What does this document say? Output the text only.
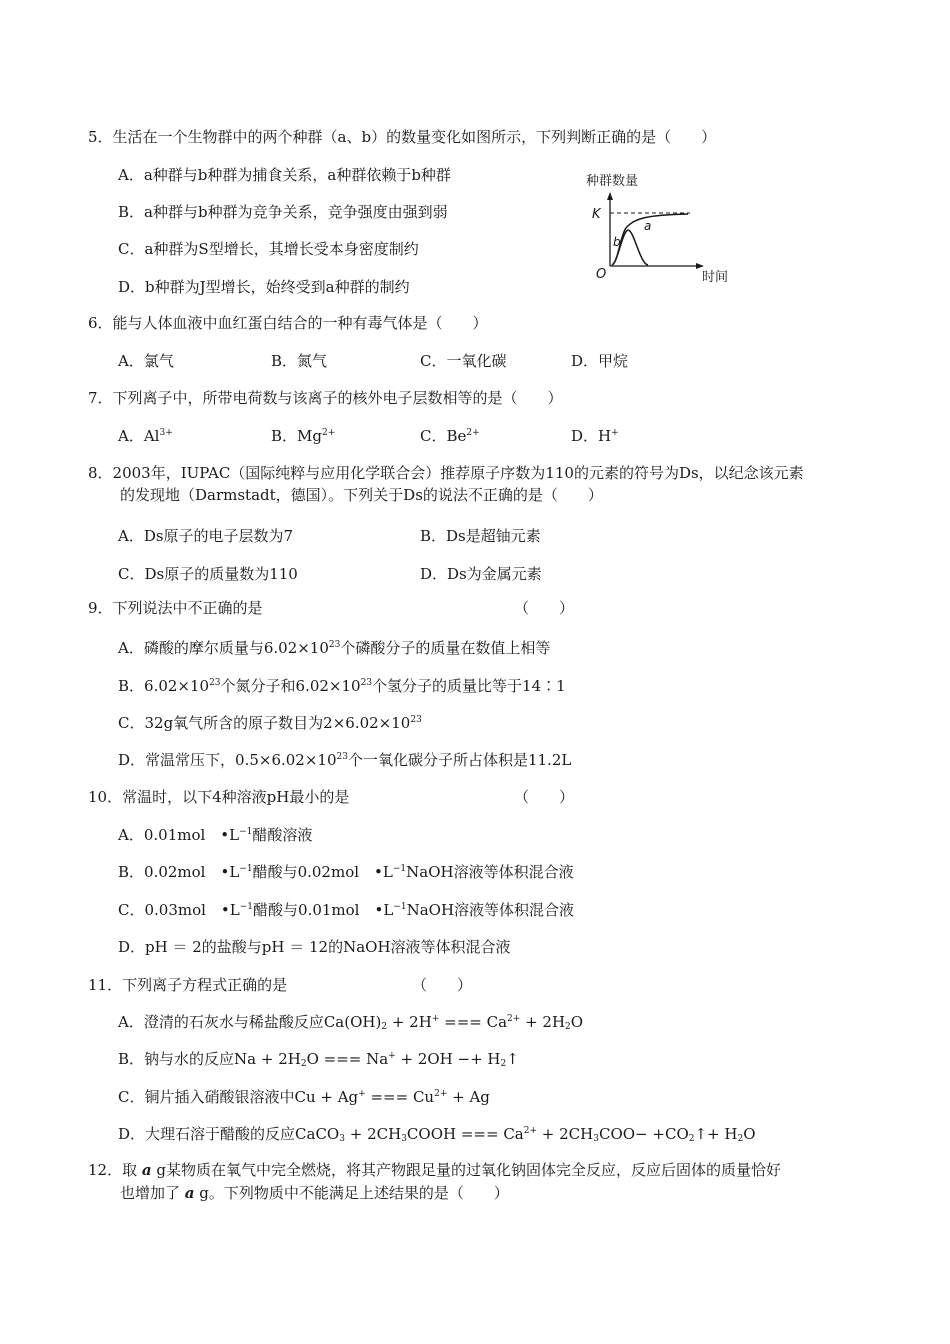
5．生活在一个生物群中的两个种群（a、b）的数量变化如图所示，下列判断正确的是（　　）
A．a种群与b种群为捕食关系，a种群依赖于b种群
B．a种群与b种群为竞争关系，竞争强度由强到弱
C．a种群为S型增长，其增长受本身密度制约
D．b种群为J型增长，始终受到a种群的制约
种群数量
K
O	时间
a
b
6．能与人体血液中血红蛋白结合的一种有毒气体是（　　）
A．氯气	B．氮气	C．一氧化碳	D．甲烷
7．下列离子中，所带电荷数与该离子的核外电子层数相等的是（　　）
A．$Al^{3+}$	B．$Mg^{2+}$	C．$Be^{2+}$	D．H+
8．2003年，IUPAC（国际纯粹与应用化学联合会）推荐原子序数为110的元素的符号为Ds，以纪念该元素
的发现地（Darmstadt，德国）。下列关于Ds的说法不正确的是（　　）
A．Ds原子的电子层数为7	B．Ds是超铀元素
C．Ds原子的质量数为110	D．Ds为金属元素
9．下列说法中不正确的是	（　　）
A．磷酸的摩尔质量与$6.02\times 10^{23}$个磷酸分子的质量在数值上相等
B．$6.02\times 10^{23}$个氮分子和$6.02\times 10^{23}$个氢分子的质量比等于14∶1
C．32g氧气所含的原子数目为$2\times 6.02\times 10^{23}$
D．常温常压下，$0.5\times 6.02\times 10^{23}$个一氧化碳分子所占体积是11.2L
10．常温时，以下4种溶液pH最小的是	（　　）
A．0.01mol　$•L^{-1}$醋酸溶液
B．0.02mol　$•L^{-1}$醋酸与0.02mol　$•L^{-1}NaOH$溶液等体积混合液
C．0.03mol　$•L^{-1}$醋酸与0.01mol　$•L^{-1}NaOH$溶液等体积混合液
D．pH ＝ 2的盐酸与pH ＝ 12的NaOH溶液等体积混合液
11．下列离子方程式正确的是	（　　）
A．澄清的石灰水与稀盐酸反应$Ca(OH)_2 + 2H^+$ === $Ca^{2+} + 2H_2O$
B．钠与水的反应$Na + 2H_2O$ === $Na^+ + 2OH -+ H_2↑$
C．铜片插入硝酸银溶液中Cu + Ag+ === $Cu^{2+} + Ag$
D．大理石溶于醋酸的反应CaCO$_3$ + $2CH_3COOH$ === $Ca^{2+} + 2CH_3COO-$ $+CO_2↑+ H_2O$
12．取 a g某物质在氧气中完全燃烧，将其产物跟足量的过氧化钠固体完全反应，反应后固体的质量恰好
也增加了 a g。下列物质中不能满足上述结果的是（　　）
